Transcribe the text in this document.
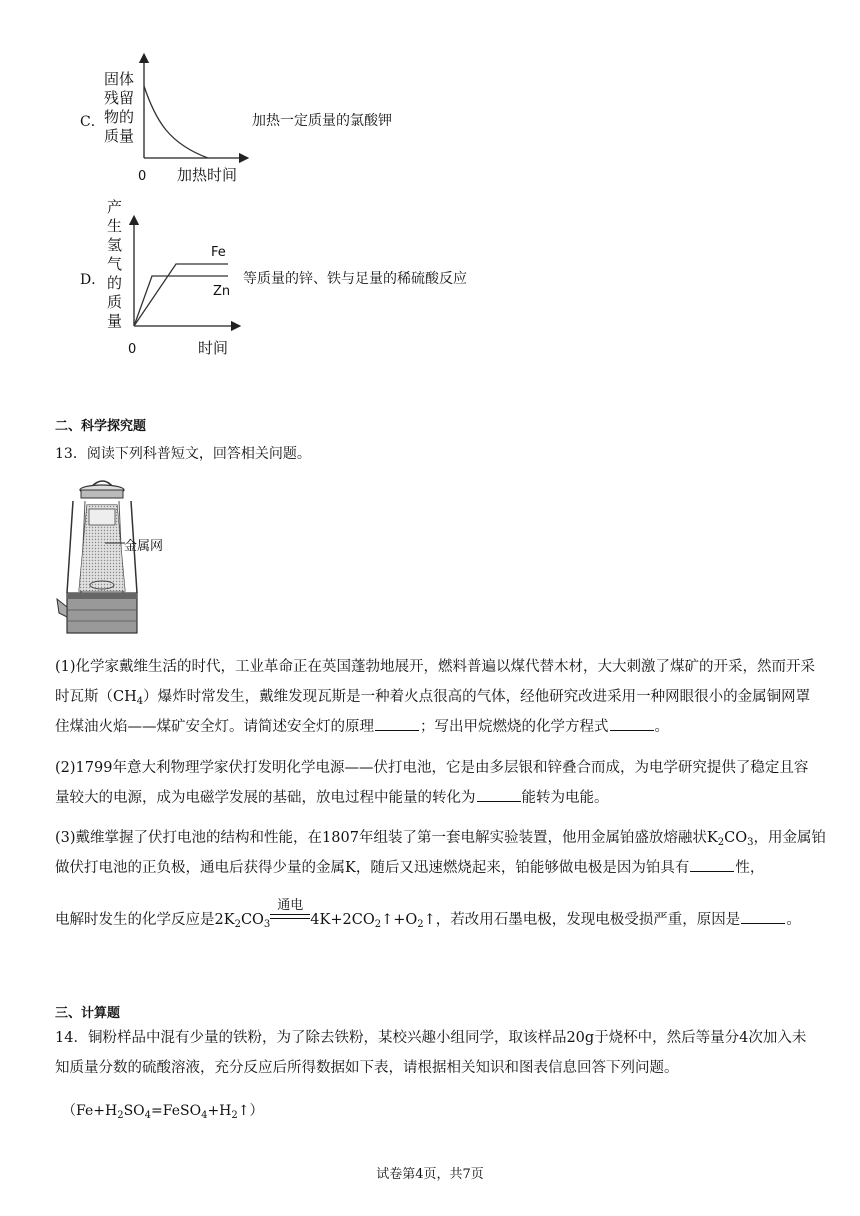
C．
固体
残留
物的
质量
0 加热时间
加热一定质量的氯酸钾
D．
产
生
氢
气
的
质
量
Fe
Zn
0	时间
等质量的锌、铁与足量的稀硫酸反应
二、科学探究题
13．阅读下列科普短文，回答相关问题。
金属网
(1)化学家戴维生活的时代，工业革命正在英国蓬勃地展开，燃料普遍以煤代替木材，大大刺激了煤矿的开采，然而开采时瓦斯$(CH_4)$爆炸时常发生，戴维发现瓦斯是一种着火点很高的气体，经他研究改进采用一种网眼很小的金属铜网罩住煤油火焰——煤矿安全灯。请简述安全灯的原理	；写出甲烷燃烧的化学方程式	。
(2)1799年意大利物理学家伏打发明化学电源——伏打电池，它是由多层银和锌叠合而成，为电学研究提供了稳定且容量较大的电源，成为电磁学发展的基础，放电过程中能量的转化为	能转为电能。
(3)戴维掌握了伏打电池的结构和性能，在1807年组装了第一套电解实验装置，他用金属铂盛放熔融状$K_2CO_3$，用金属铂做伏打电池的正负极，通电后获得少量的金属K，随后又迅速燃烧起来，铂能够做电极是因为铂具有	性，
电解时发生的化学反应是$2K_2CO_3$
通电
$4K+2CO_2↑+O_2↑$，若改用石墨电极，发现电极受损严重，原因是	。
三、计算题
14．铜粉样品中混有少量的铁粉，为了除去铁粉，某校兴趣小组同学，取该样品20g于烧杯中，然后等量分4次加入未知质量分数的硫酸溶液，充分反应后所得数据如下表，请根据相关知识和图表信息回答下列问题。
$(Fe+H_2SO_4=FeSO_4+H_2↑)$
试卷第4页，共7页
